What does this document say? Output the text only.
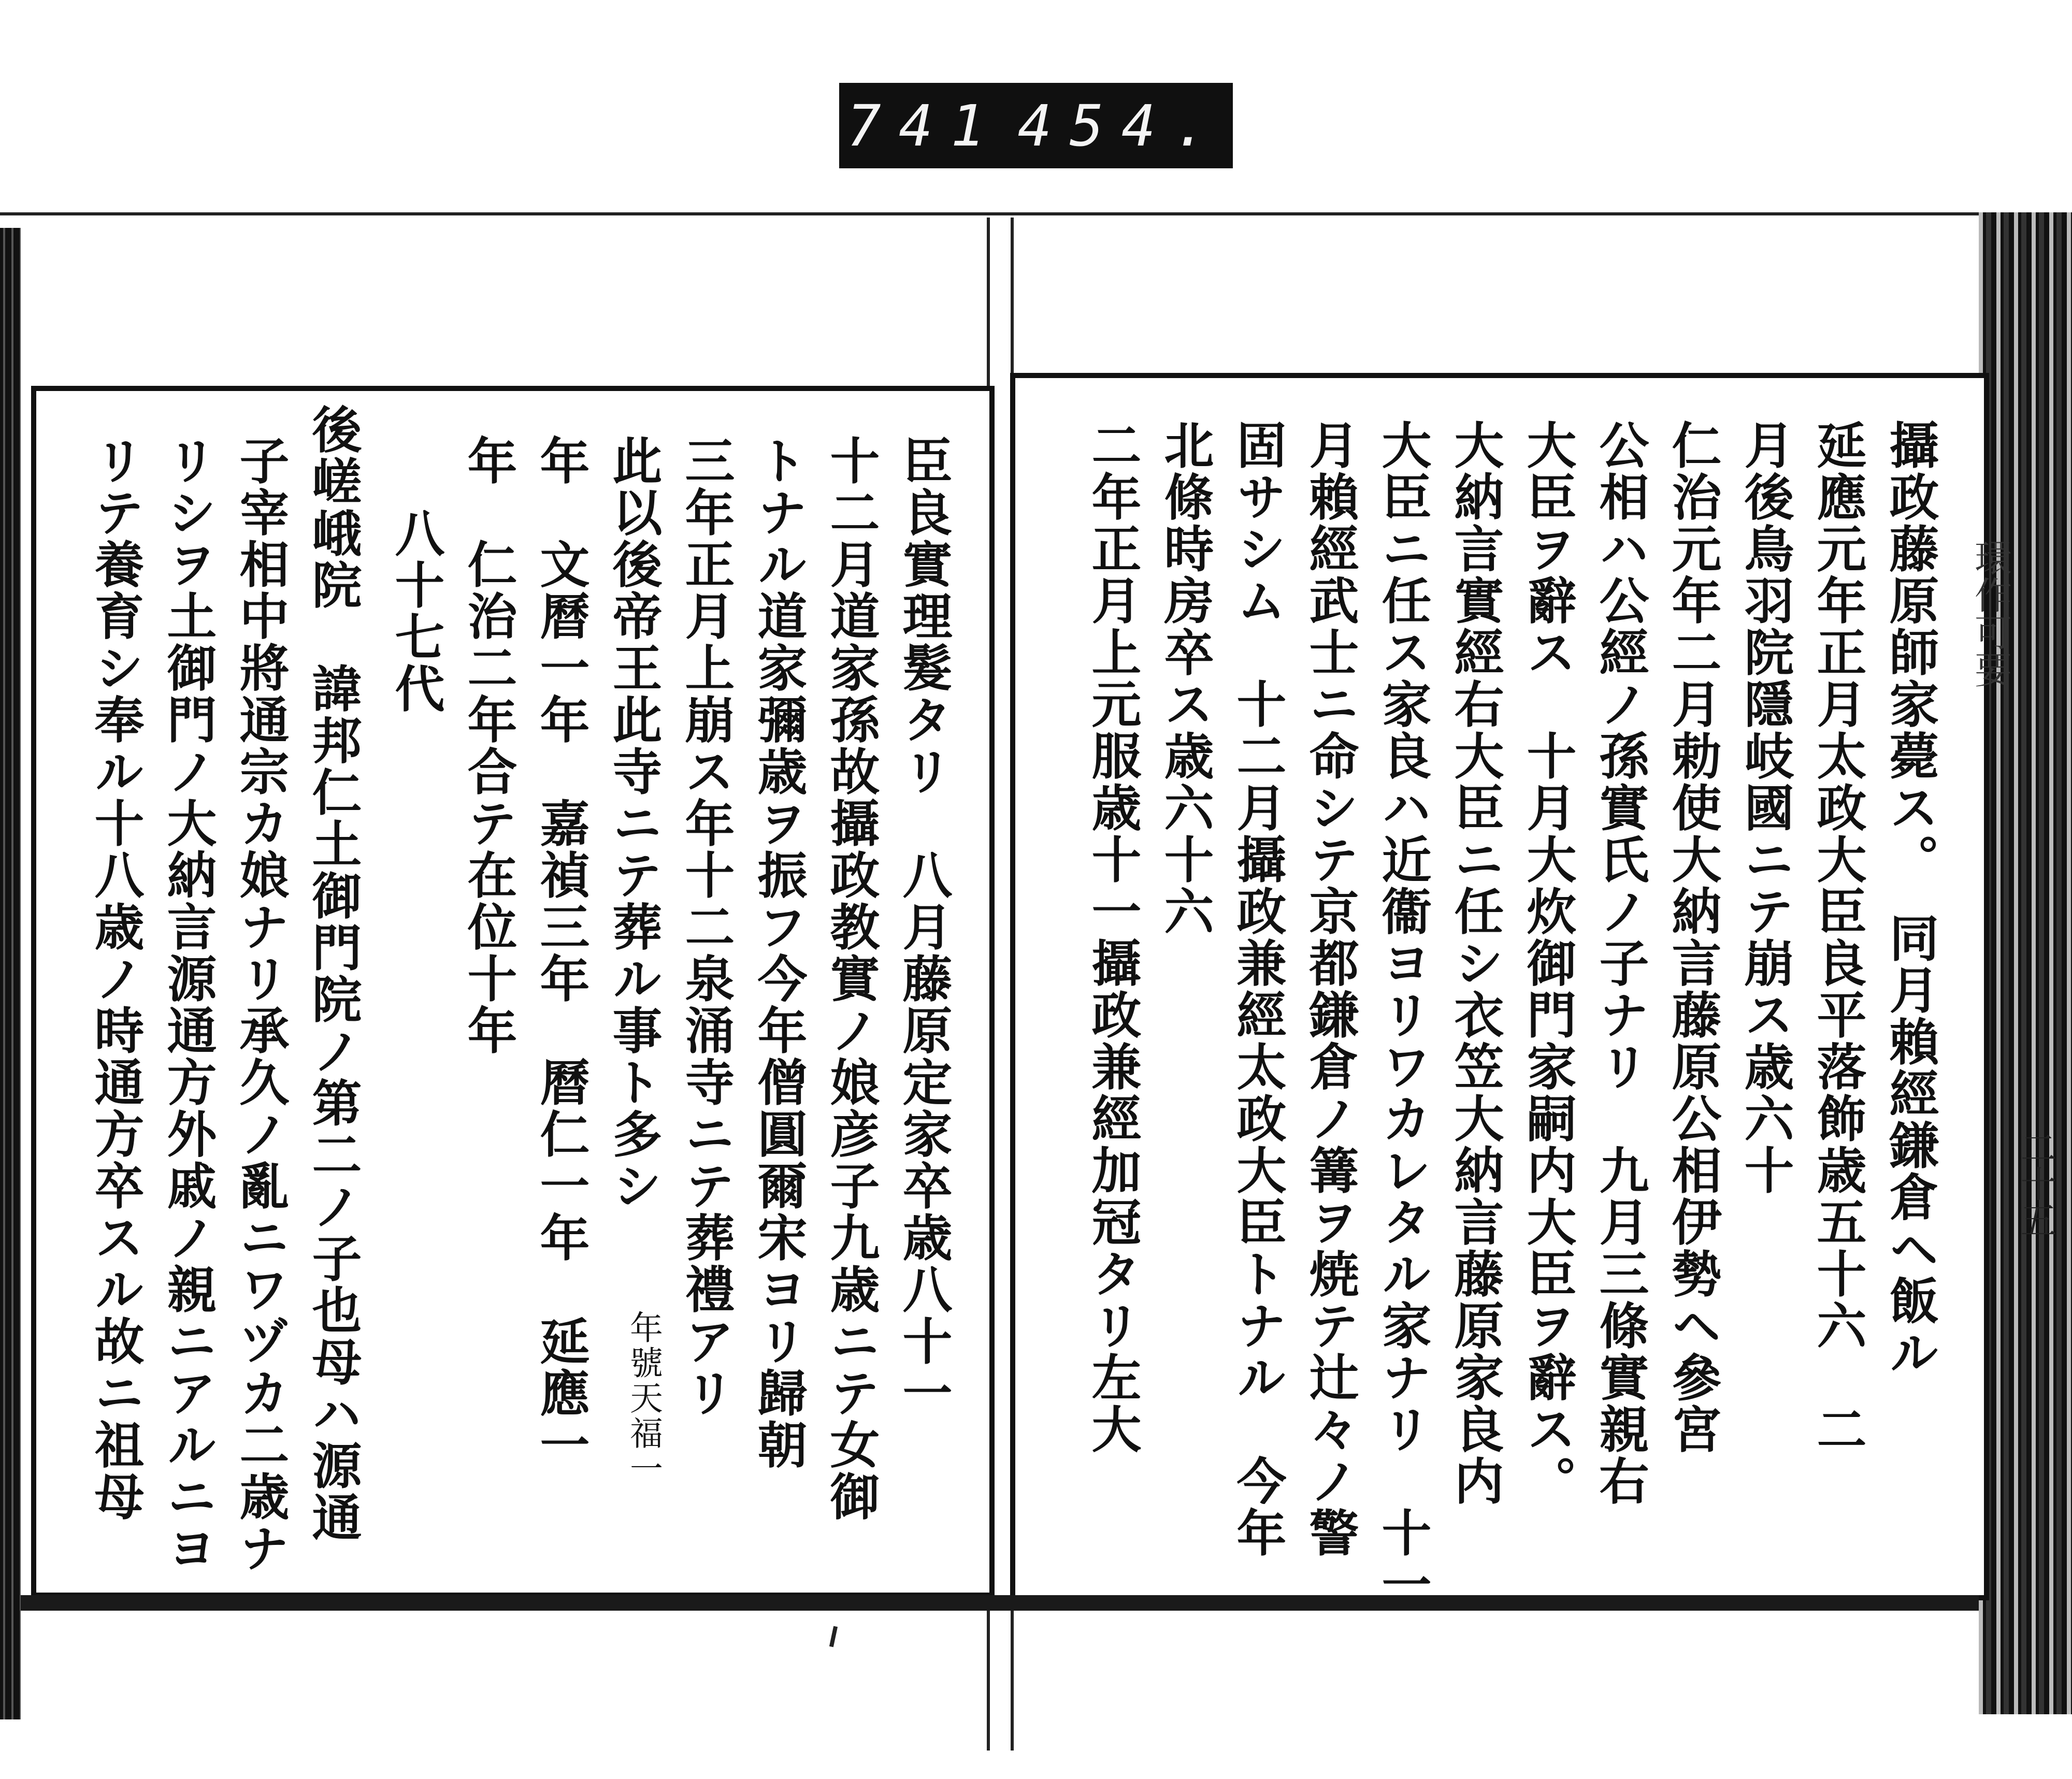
741 454.
環作可要
二十五
攝政藤原師家薨ス。　同月賴經鎌倉ヘ飯ル
延應元年正月太政大臣良平落飾歳五十六　二
月後鳥羽院隱岐國ニテ崩ス歳六十
仁治元年二月勅使大納言藤原公相伊勢ヘ參宮
公相ハ公經ノ孫實氏ノ子ナリ　九月三條實親右
大臣ヲ辭ス　十月大炊御門家嗣内大臣ヲ辭ス。
大納言實經右大臣ニ任シ衣笠大納言藤原家良内
大臣ニ任ス家良ハ近衞ヨリワカレタル家ナリ　十一
月賴經武士ニ命シテ京都鎌倉ノ篝ヲ焼テ辻々ノ警
固サシム　十二月攝政兼經太政大臣トナル　今年
北條時房卒ス歳六十六
二年正月上元服歳十一攝政兼經加冠タリ左大
臣良實理髮タリ　八月藤原定家卒歳八十一
十二月道家孫故攝政教實ノ娘彦子九歳ニテ女御
トナル道家彌歳ヲ振フ今年僧圓爾宋ヨリ歸朝
三年正月上崩ス年十二泉涌寺ニテ葬禮アリ
此以後帝王此寺ニテ葬ル事ト多シ
年　文曆一年　嘉禎三年　曆仁一年　延應一
年　仁治二年合テ在位十年
八十七代
後嵯峨院　諱邦仁土御門院ノ第二ノ子也母ハ源通
子宰相中將通宗カ娘ナリ承久ノ亂ニワヅカ二歳ナ
リシヲ土御門ノ大納言源通方外戚ノ親ニアルニヨ
リテ養育シ奉ル十八歳ノ時通方卒スル故ニ祖母	年號天福一
